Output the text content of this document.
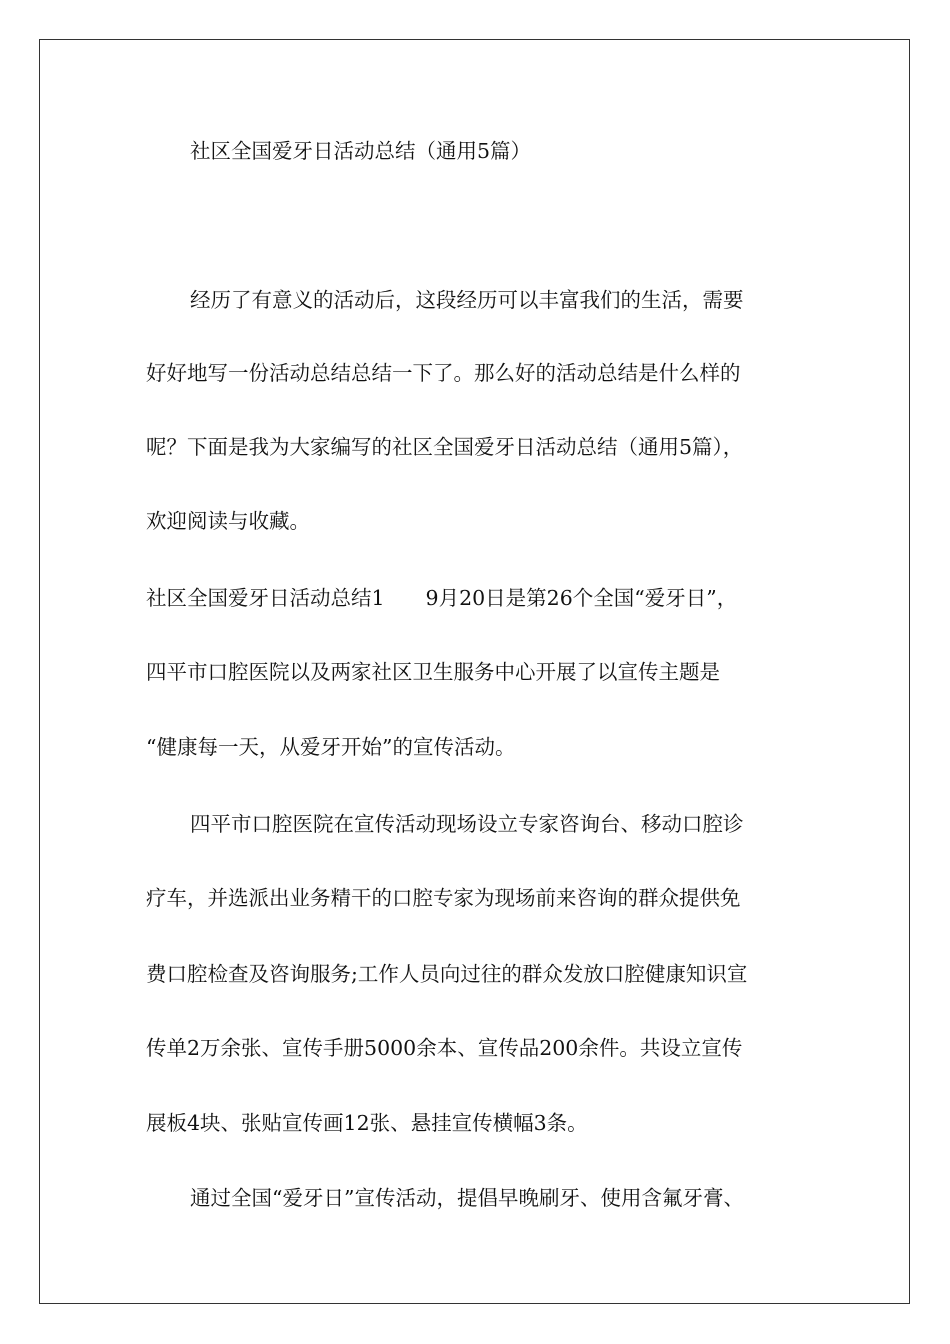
社区全国爱牙日活动总结（通用5篇）
经历了有意义的活动后，这段经历可以丰富我们的生活，需要
好好地写一份活动总结总结一下了。那么好的活动总结是什么样的
呢？下面是我为大家编写的社区全国爱牙日活动总结（通用5篇），
欢迎阅读与收藏。
社区全国爱牙日活动总结1　　9月20日是第26个全国“爱牙日”，
四平市口腔医院以及两家社区卫生服务中心开展了以宣传主题是
“健康每一天，从爱牙开始”的宣传活动。
四平市口腔医院在宣传活动现场设立专家咨询台、移动口腔诊
疗车，并选派出业务精干的口腔专家为现场前来咨询的群众提供免
费口腔检查及咨询服务;工作人员向过往的群众发放口腔健康知识宣
传单2万余张、宣传手册5000余本、宣传品200余件。共设立宣传
展板4块、张贴宣传画12张、悬挂宣传横幅3条。
通过全国“爱牙日”宣传活动，提倡早晚刷牙、使用含氟牙膏、
